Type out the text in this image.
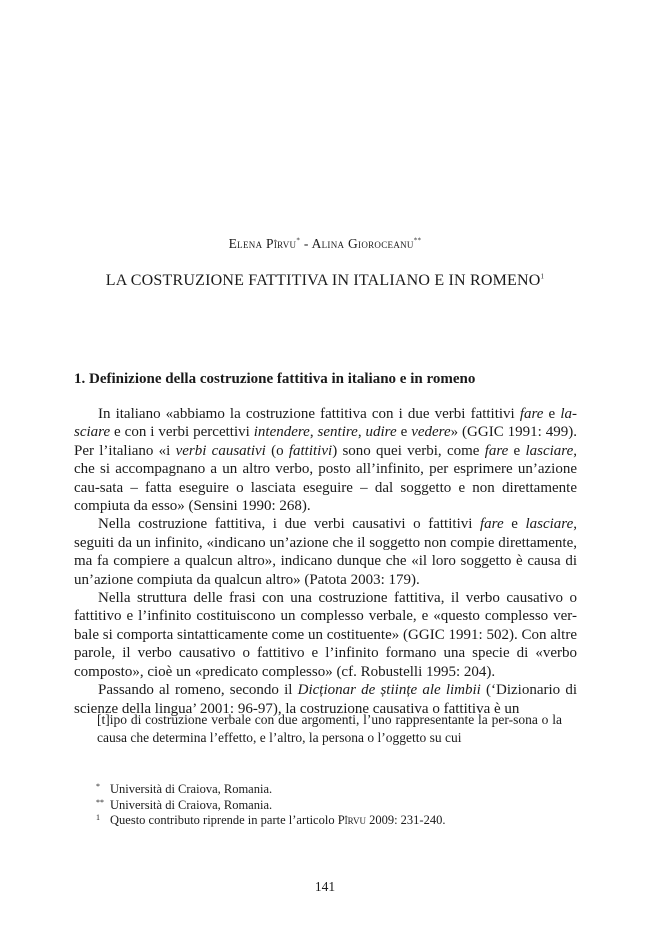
Elena Pîrvu* - Alina Gioroceanu**
LA COSTRUZIONE FATTITIVA IN ITALIANO E IN ROMENO$^1$
1. Definizione della costruzione fattitiva in italiano e in romeno

In italiano «abbiamo la costruzione fattitiva con i due verbi fattitivi fare e la-sciare e con i verbi percettivi intendere, sentire, udire e vedere» (GGIC 1991: 499). Per l’italiano «i verbi causativi (o fattitivi) sono quei verbi, come fare e lasciare, che si accompagnano a un altro verbo, posto all’infinito, per esprimere un’azione cau-sata – fatta eseguire o lasciata eseguire – dal soggetto e non direttamente compiuta da esso» (Sensini 1990: 268).

Nella costruzione fattitiva, i due verbi causativi o fattitivi fare e lasciare, seguiti da un infinito, «indicano un’azione che il soggetto non compie direttamente, ma fa compiere a qualcun altro», indicano dunque che «il loro soggetto è causa di un’azione compiuta da qualcun altro» (Patota 2003: 179).

Nella struttura delle frasi con una costruzione fattitiva, il verbo causativo o fattitivo e l’infinito costituiscono un complesso verbale, e «questo complesso ver-bale si comporta sintatticamente come un costituente» (GGIC 1991: 502). Con altre parole, il verbo causativo o fattitivo e l’infinito formano una specie di «verbo composto», cioè un «predicato complesso» (cf. Robustelli 1995: 204).

Passando al romeno, secondo il Dicționar de științe ale limbii (‘Dizionario di scienze della lingua’ 2001: 96-97), la costruzione causativa o fattitiva è un

[t]ipo di costruzione verbale con due argomenti, l’uno rappresentante la per-sona o la causa che determina l’effetto, e l’altro, la persona o l’oggetto su cui
* Università di Craiova, Romania.
** Università di Craiova, Romania.
1 Questo contributo riprende in parte l’articolo Pîrvu 2009: 231-240.
141
